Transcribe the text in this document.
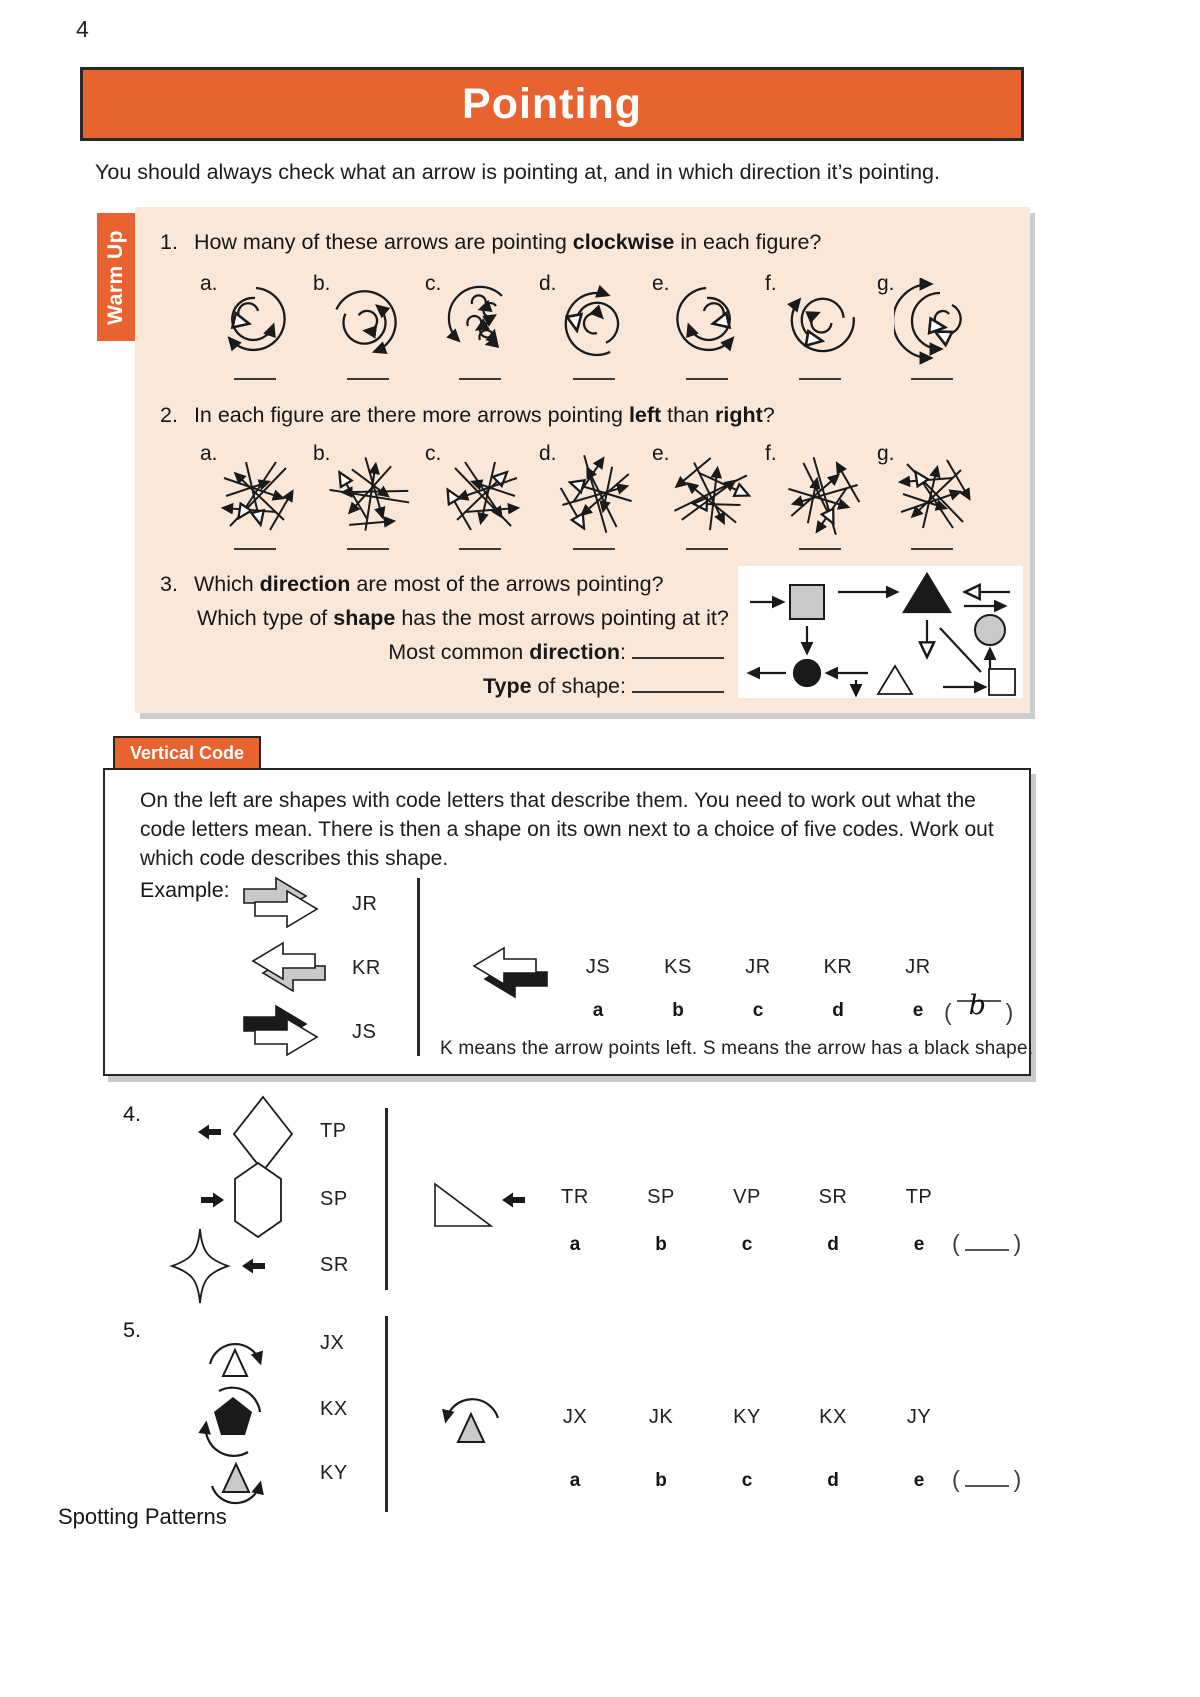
4
Pointing
You should always check what an arrow is pointing at, and in which direction it’s pointing.
Warm Up 1. How many of these arrows are pointing clockwise in each figure?
a.	b.	c.	d.	e.	f.	g.
2. In each figure are there more arrows pointing left than right?
a.	b.	c.	d.	e.	f.	g.
3. Which direction are most of the arrows pointing?
Which type of shape has the most arrows pointing at it?
Most common direction:
Type of shape:
Vertical Code
On the left are shapes with code letters that describe them. You need to work out what the code letters mean. There is then a shape on its own next to a choice of five codes. Work out which code describes this shape.
Example:
JR
KR
JS
JS	KS	JR	KR	JR
a	b	c	d	e ( b )
K means the arrow points left. S means the arrow has a black shape.
4.
TP
SP
SR
TR	SP	VP	SR	TP
a	b	c	d	e	( )
5.
JX
KX
KY
JX	JK	KY	KX	JY
a	b	c	d	e	( )
Spotting Patterns
